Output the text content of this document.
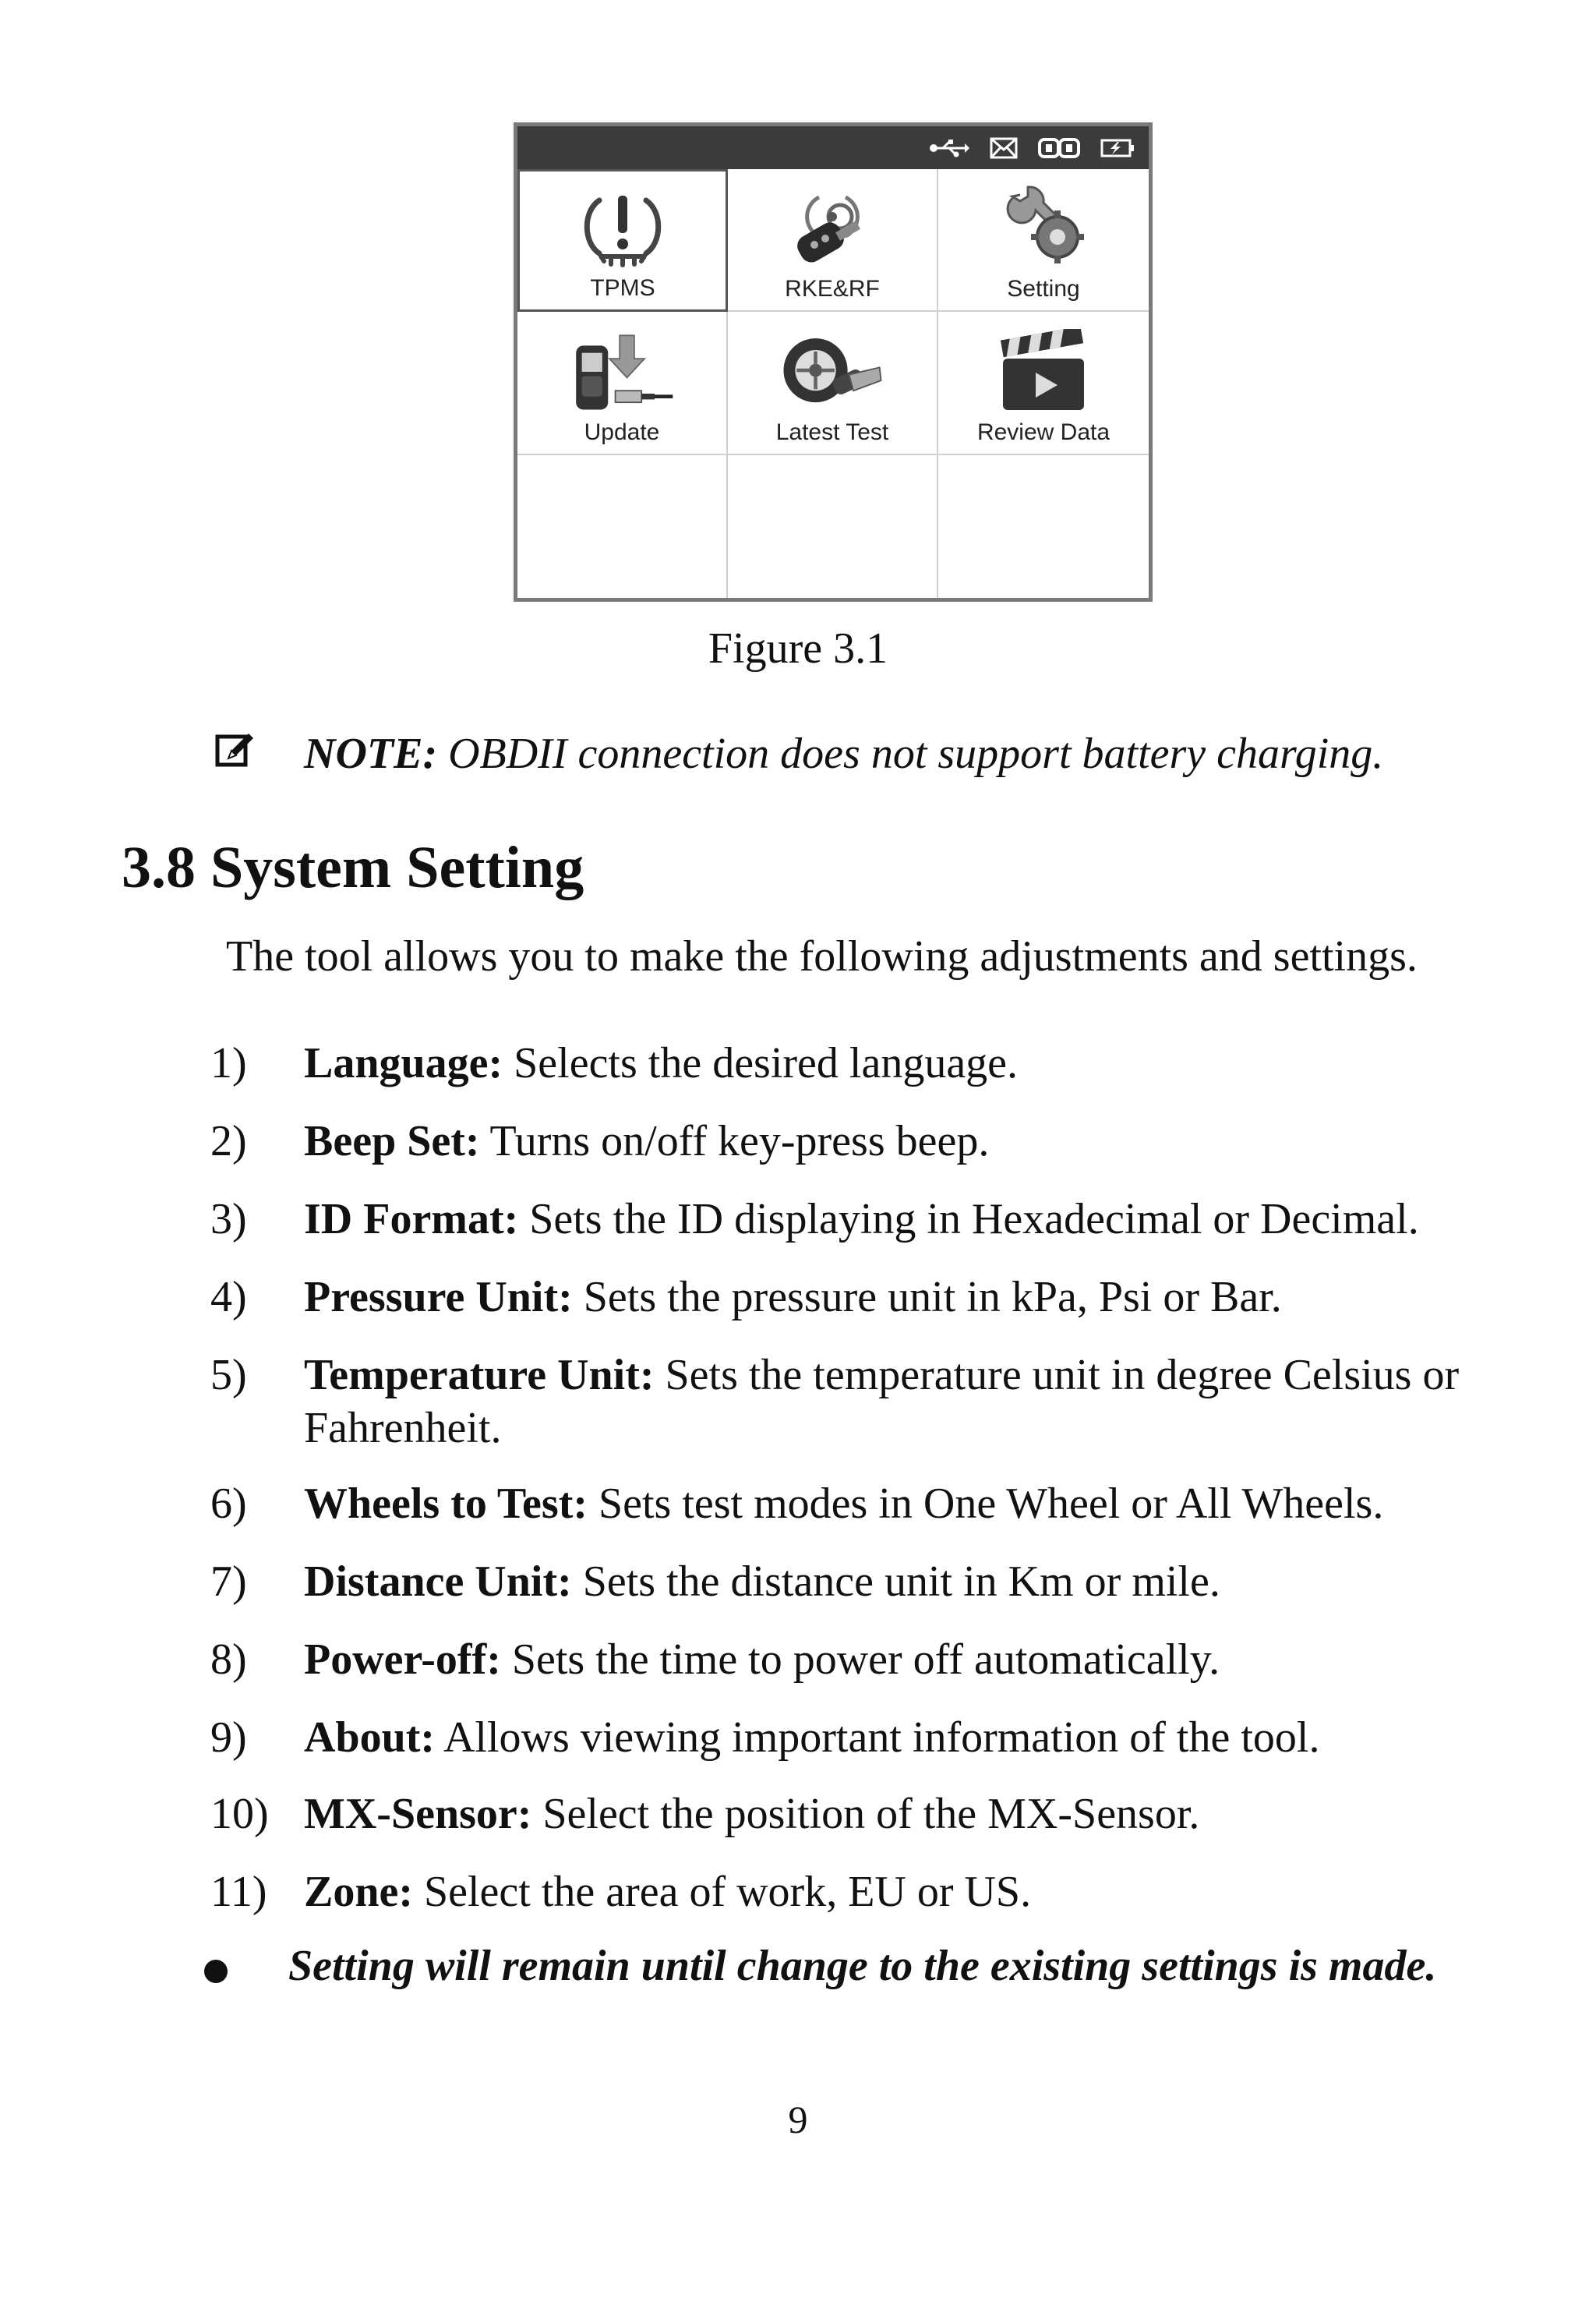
TPMS	RKE&RF	Setting
Update	Latest Test	Review Data
Figure 3.1
NOTE: OBDII connection does not support battery charging.
3.8 System Setting
The tool allows you to make the following adjustments and settings.
1) Language: Selects the desired language.
2) Beep Set: Turns on/off key-press beep.
3) ID Format: Sets the ID displaying in Hexadecimal or Decimal.
4) Pressure Unit: Sets the pressure unit in kPa, Psi or Bar.
5) Temperature Unit: Sets the temperature unit in degree Celsius or Fahrenheit.
6) Wheels to Test: Sets test modes in One Wheel or All Wheels.
7) Distance Unit: Sets the distance unit in Km or mile.
8) Power-off: Sets the time to power off automatically.
9) About: Allows viewing important information of the tool.
10) MX-Sensor: Select the position of the MX-Sensor.
11) Zone: Select the area of work, EU or US.
Setting will remain until change to the existing settings is made.
9
